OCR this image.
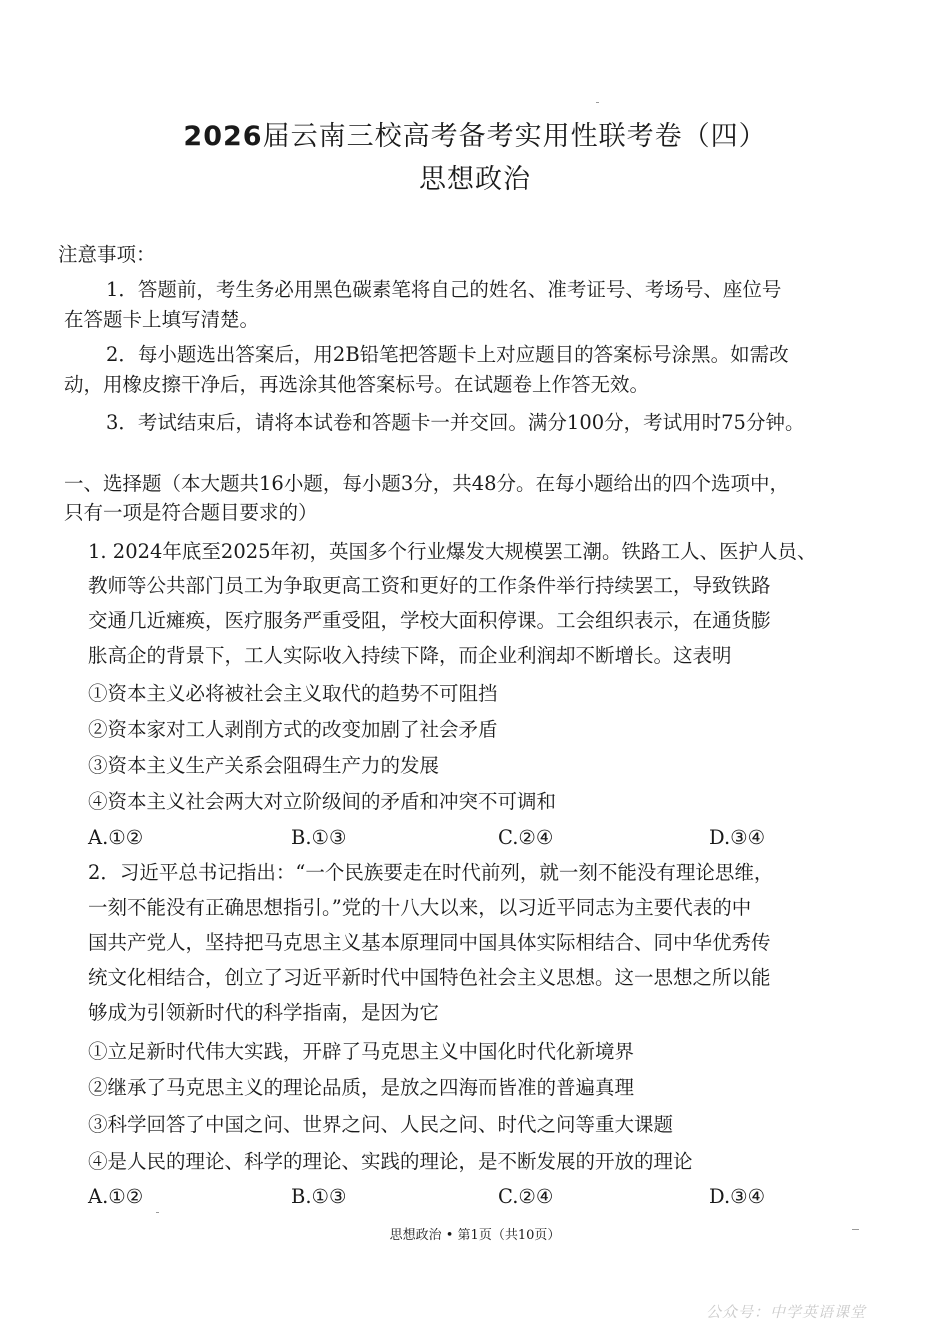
2026届云南三校高考备考实用性联考卷（四）
思想政治
注意事项：
1．答题前，考生务必用黑色碳素笔将自己的姓名、准考证号、考场号、座位号
在答题卡上填写清楚。
2．每小题选出答案后，用2B铅笔把答题卡上对应题目的答案标号涂黑。如需改
动，用橡皮擦干净后，再选涂其他答案标号。在试题卷上作答无效。
3．考试结束后，请将本试卷和答题卡一并交回。满分100分，考试用时75分钟。
一、选择题（本大题共16小题，每小题3分，共48分。在每小题给出的四个选项中，
只有一项是符合题目要求的）
1. 2024年底至2025年初，英国多个行业爆发大规模罢工潮。铁路工人、医护人员、
教师等公共部门员工为争取更高工资和更好的工作条件举行持续罢工，导致铁路
交通几近瘫痪，医疗服务严重受阻，学校大面积停课。工会组织表示，在通货膨
胀高企的背景下，工人实际收入持续下降，而企业利润却不断增长。这表明
①资本主义必将被社会主义取代的趋势不可阻挡
②资本家对工人剥削方式的改变加剧了社会矛盾
③资本主义生产关系会阻碍生产力的发展
④资本主义社会两大对立阶级间的矛盾和冲突不可调和
A.①②	B.①③	C.②④	D.③④
2．习近平总书记指出：“一个民族要走在时代前列，就一刻不能没有理论思维，
一刻不能没有正确思想指引。”党的十八大以来，以习近平同志为主要代表的中
国共产党人，坚持把马克思主义基本原理同中国具体实际相结合、同中华优秀传
统文化相结合，创立了习近平新时代中国特色社会主义思想。这一思想之所以能
够成为引领新时代的科学指南，是因为它
①立足新时代伟大实践，开辟了马克思主义中国化时代化新境界
②继承了马克思主义的理论品质，是放之四海而皆准的普遍真理
③科学回答了中国之问、世界之问、人民之问、时代之问等重大课题
④是人民的理论、科学的理论、实践的理论，是不断发展的开放的理论
A.①②	B.①③	C.②④	D.③④
思想政治 • 第1页（共10页）
公众号：中学英语课堂
